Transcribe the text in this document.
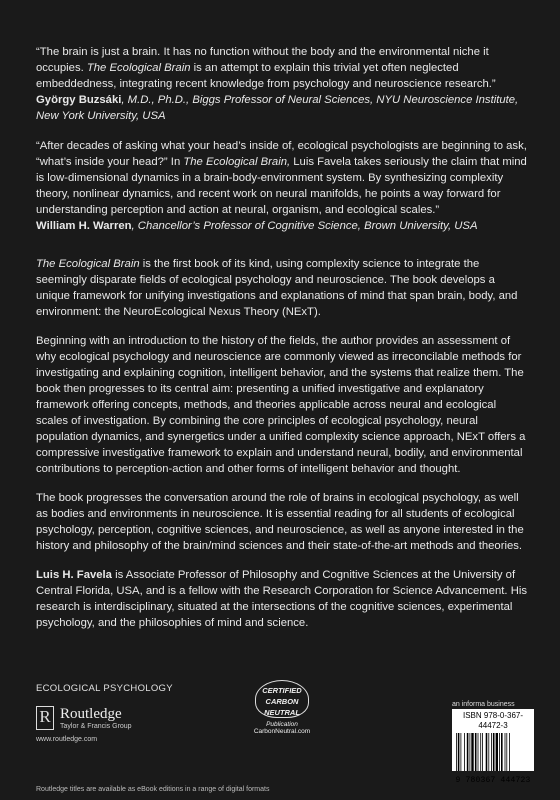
“The brain is just a brain. It has no function without the body and the environmental niche it occupies. The Ecological Brain is an attempt to explain this trivial yet often neglected embeddedness, integrating recent knowledge from psychology and neuroscience research.”
György Buzsáki, M.D., Ph.D., Biggs Professor of Neural Sciences, NYU Neuroscience Institute, New York University, USA

“After decades of asking what your head’s inside of, ecological psychologists are beginning to ask, “what’s inside your head?” In The Ecological Brain, Luis Favela takes seriously the claim that mind is low-dimensional dynamics in a brain-body-environment system. By synthesizing complexity theory, nonlinear dynamics, and recent work on neural manifolds, he points a way forward for understanding perception and action at neural, organism, and ecological scales.”
William H. Warren, Chancellor’s Professor of Cognitive Science, Brown University, USA

The Ecological Brain is the first book of its kind, using complexity science to integrate the seemingly disparate fields of ecological psychology and neuroscience. The book develops a unique framework for unifying investigations and explanations of mind that span brain, body, and environment: the NeuroEcological Nexus Theory (NExT).

Beginning with an introduction to the history of the fields, the author provides an assessment of why ecological psychology and neuroscience are commonly viewed as irreconcilable methods for investigating and explaining cognition, intelligent behavior, and the systems that realize them. The book then progresses to its central aim: presenting a unified investigative and explanatory framework offering concepts, methods, and theories applicable across neural and ecological scales of investigation. By combining the core principles of ecological psychology, neural population dynamics, and synergetics under a unified complexity science approach, NExT offers a compressive investigative framework to explain and understand neural, bodily, and environmental contributions to perception-action and other forms of intelligent behavior and thought.

The book progresses the conversation around the role of brains in ecological psychology, as well as bodies and environments in neuroscience. It is essential reading for all students of ecological psychology, perception, cognitive sciences, and neuroscience, as well as anyone interested in the history and philosophy of the brain/mind sciences and their state-of-the-art methods and theories.

Luis H. Favela is Associate Professor of Philosophy and Cognitive Sciences at the University of Central Florida, USA, and is a fellow with the Research Corporation for Science Advancement. His research is interdisciplinary, situated at the intersections of the cognitive sciences, experimental psychology, and the philosophies of mind and science.

ECOLOGICAL PSYCHOLOGY
R Routledge
Taylor & Francis Group
www.routledge.com
CERTIFIED
CARBON
NEUTRAL
Publication
CarbonNeutral.com
an informa business
ISBN 978-0-367-44472-3
9 780367 444723
Routledge titles are available as eBook editions in a range of digital formats
